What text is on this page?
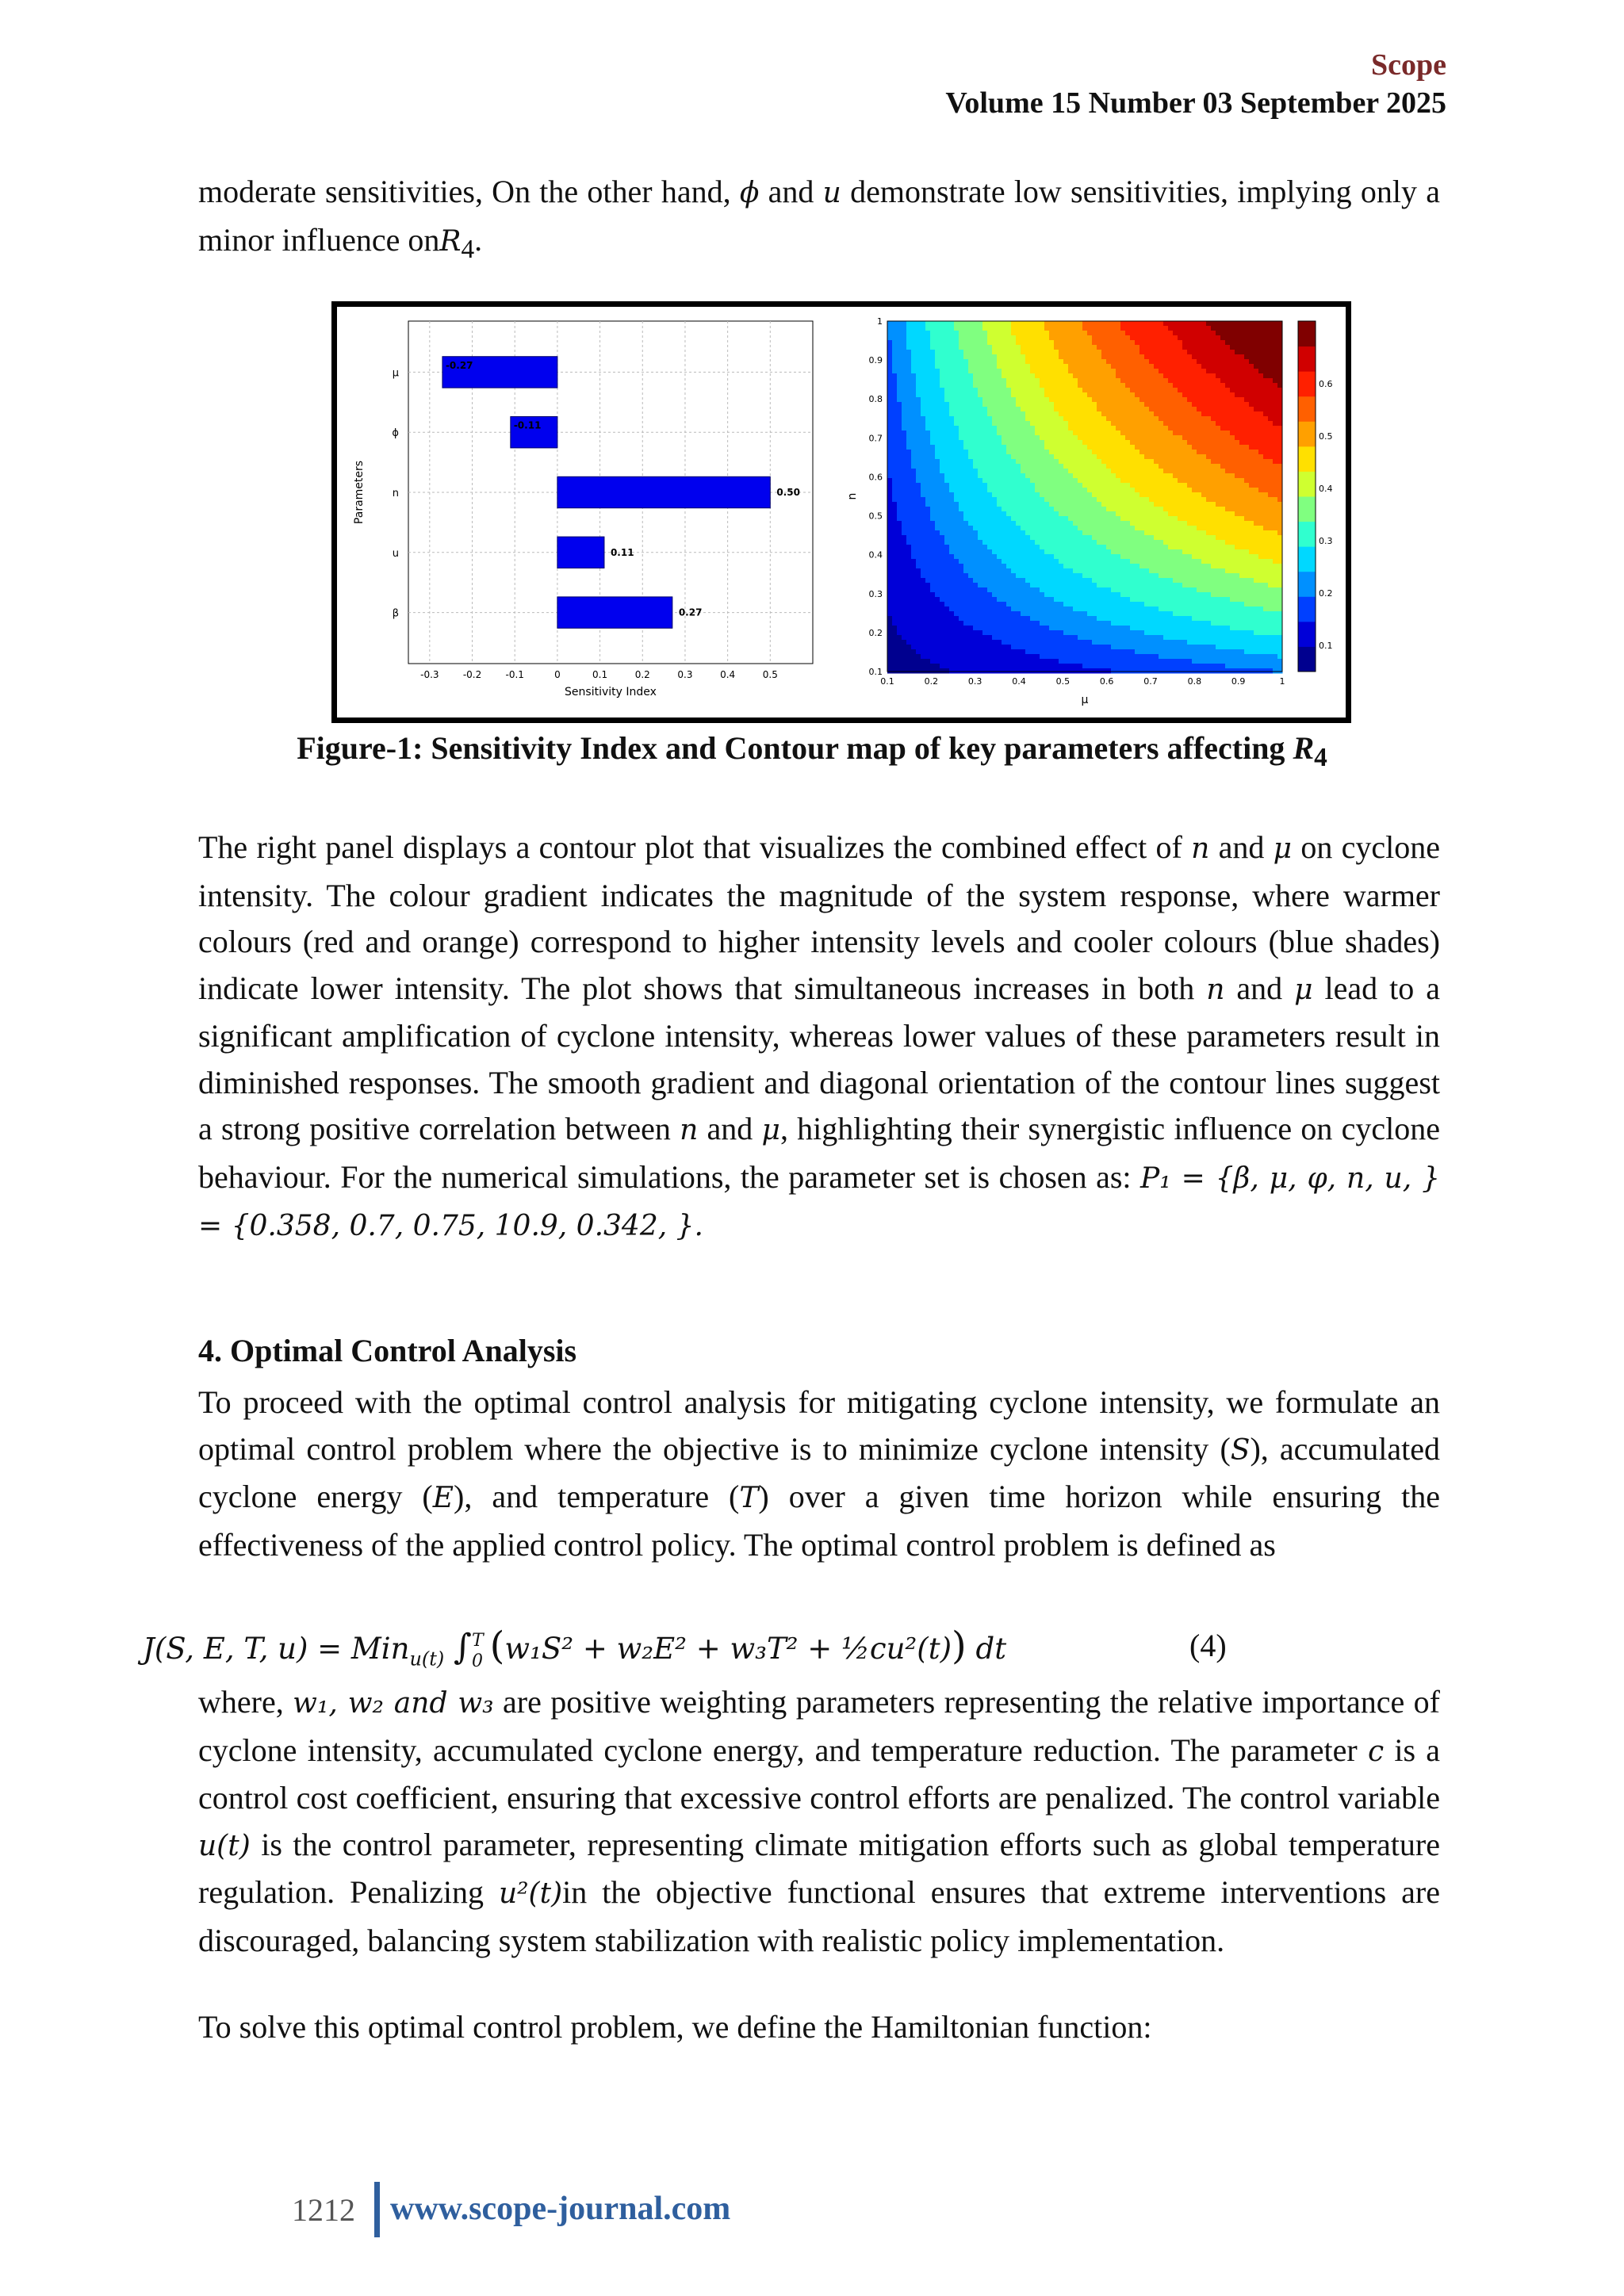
Scope
Volume 15 Number 03 September 2025

moderate sensitivities, On the other hand, ϕ and u demonstrate low sensitivities, implying only a minor influence onR$_4$.

-0.3	-0.2	-0.1	0	0.1	0.2	0.3	0.4	0.5
μ
-0.27
ϕ
-0.11
n	0.50
u	0.11
β	0.27
Sensitivity Index
Parameters
0.1	0.2	0.3	0.4	0.5	0.6	0.7	0.8	0.9	1
0.1
0.2
0.3
0.4
0.5
0.6
0.7
0.8
0.9
1
μ
n
0.1
0.2
0.3
0.4
0.5
0.6
Figure-1: Sensitivity Index and Contour map of key parameters affecting $R_4$

The right panel displays a contour plot that visualizes the combined effect of n and μ on cyclone intensity. The colour gradient indicates the magnitude of the system response, where warmer colours (red and orange) correspond to higher intensity levels and cooler colours (blue shades) indicate lower intensity. The plot shows that simultaneous increases in both n and μ lead to a significant amplification of cyclone intensity, whereas lower values of these parameters result in diminished responses. The smooth gradient and diagonal orientation of the contour lines suggest a strong positive correlation between n and μ, highlighting their synergistic influence on cyclone behaviour. For the numerical simulations, the parameter set is chosen as: P₁ = {β, μ, φ, n, u, } = {0.358, 0.7, 0.75, 10.9, 0.342, }.

4. Optimal Control Analysis

To proceed with the optimal control analysis for mitigating cyclone intensity, we formulate an optimal control problem where the objective is to minimize cyclone intensity (S), accumulated cyclone energy (E), and temperature (T) over a given time horizon while ensuring the effectiveness of the applied control policy. The optimal control problem is defined as

J(S, E, T, u) = Min$_{u(t)}$ ∫T
0 (w₁S² + w₂E² + w₃T² + ½cu²(t)) dt	(4)

where, w₁, w₂ and w₃ are positive weighting parameters representing the relative importance of cyclone intensity, accumulated cyclone energy, and temperature reduction. The parameter c is a control cost coefficient, ensuring that excessive control efforts are penalized. The control variable u(t) is the control parameter, representing climate mitigation efforts such as global temperature regulation. Penalizing u²(t)in the objective functional ensures that extreme interventions are discouraged, balancing system stabilization with realistic policy implementation.

To solve this optimal control problem, we define the Hamiltonian function:

1212 www.scope-journal.com
